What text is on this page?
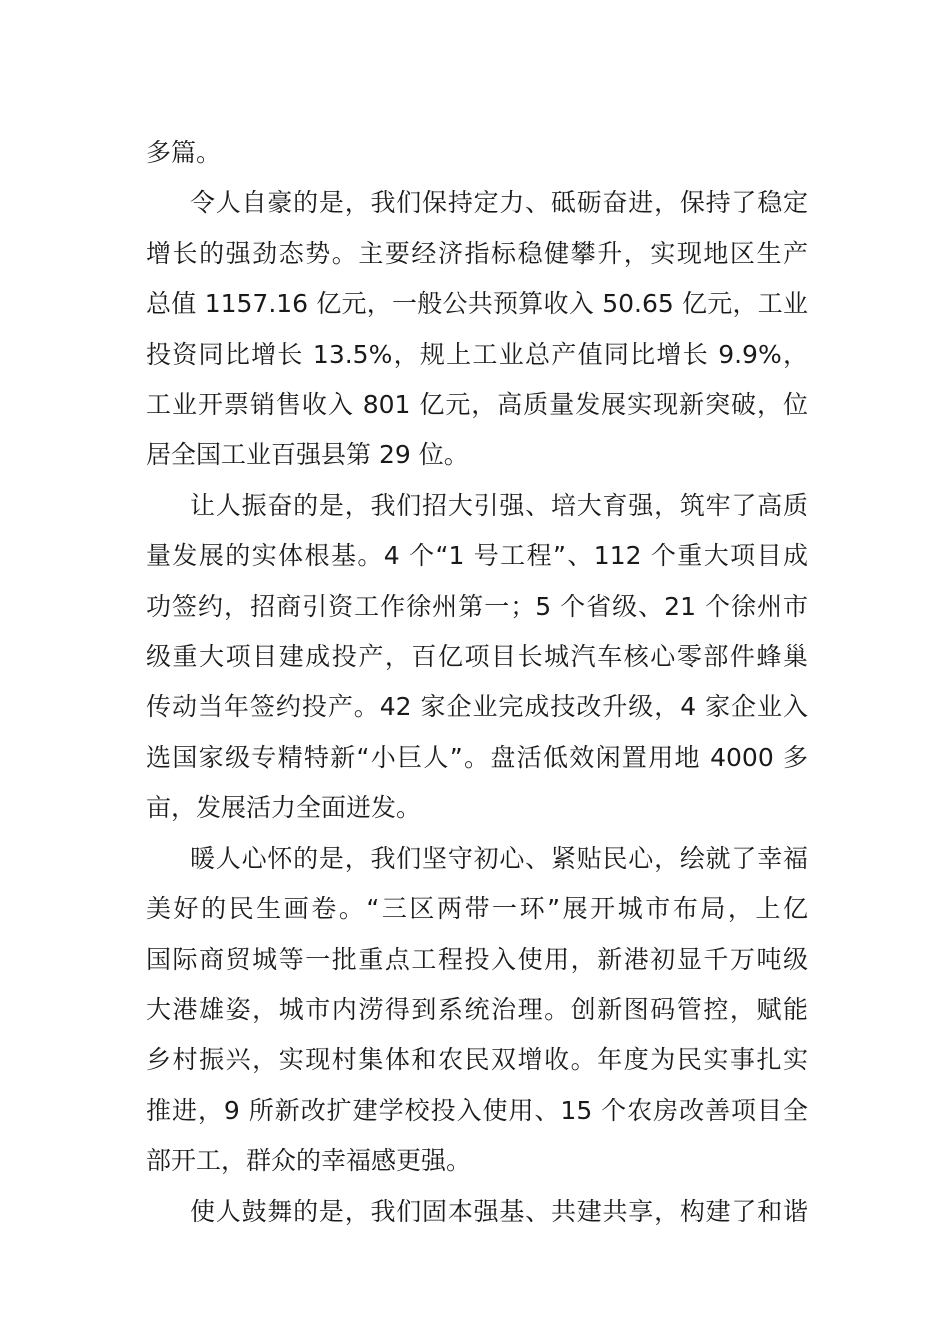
多篇。
令人自豪的是，我们保持定力、砥砺奋进，保持了稳定
增长的强劲态势。主要经济指标稳健攀升，实现地区生产
总值 1157.16 亿元，一般公共预算收入 50.65 亿元，工业
投资同比增长 13.5%，规上工业总产值同比增长 9.9%，
工业开票销售收入 801 亿元，高质量发展实现新突破，位
居全国工业百强县第 29 位。
让人振奋的是，我们招大引强、培大育强，筑牢了高质
量发展的实体根基。4 个“1 号工程”、112 个重大项目成
功签约，招商引资工作徐州第一；5 个省级、21 个徐州市
级重大项目建成投产，百亿项目长城汽车核心零部件蜂巢
传动当年签约投产。42 家企业完成技改升级，4 家企业入
选国家级专精特新“小巨人”。盘活低效闲置用地 4000 多
亩，发展活力全面迸发。
暖人心怀的是，我们坚守初心、紧贴民心，绘就了幸福
美好的民生画卷。“三区两带一环”展开城市布局，上亿
国际商贸城等一批重点工程投入使用，新港初显千万吨级
大港雄姿，城市内涝得到系统治理。创新图码管控，赋能
乡村振兴，实现村集体和农民双增收。年度为民实事扎实
推进，9 所新改扩建学校投入使用、15 个农房改善项目全
部开工，群众的幸福感更强。
使人鼓舞的是，我们固本强基、共建共享，构建了和谐
